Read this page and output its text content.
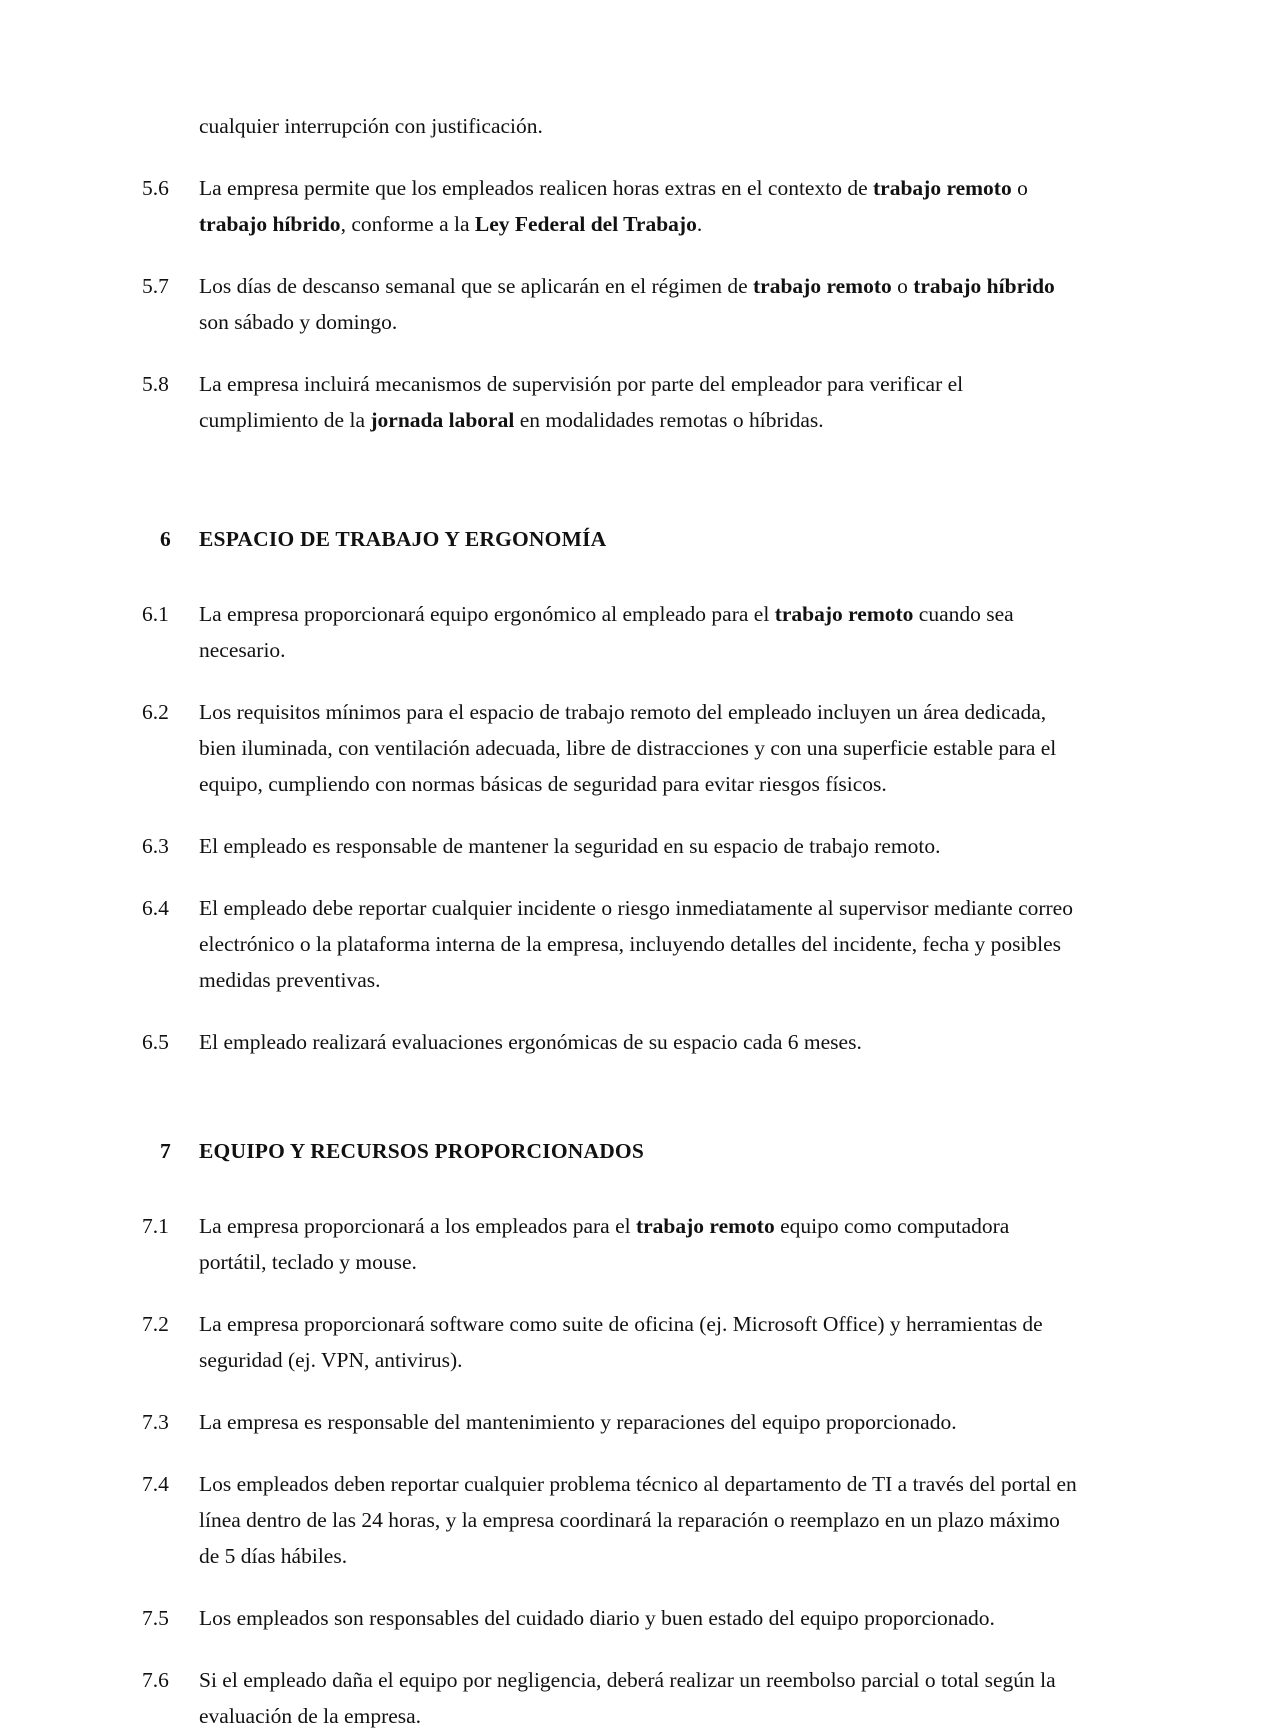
cualquier interrupción con justificación.

5.6	La empresa permite que los empleados realicen horas extras en el contexto de trabajo remoto o trabajo híbrido, conforme a la Ley Federal del Trabajo.
5.7	Los días de descanso semanal que se aplicarán en el régimen de trabajo remoto o trabajo híbrido son sábado y domingo.
5.8	La empresa incluirá mecanismos de supervisión por parte del empleador para verificar el cumplimiento de la jornada laboral en modalidades remotas o híbridas.
6	ESPACIO DE TRABAJO Y ERGONOMÍA
6.1	La empresa proporcionará equipo ergonómico al empleado para el trabajo remoto cuando sea necesario.
6.2	Los requisitos mínimos para el espacio de trabajo remoto del empleado incluyen un área dedicada, bien iluminada, con ventilación adecuada, libre de distracciones y con una superficie estable para el equipo, cumpliendo con normas básicas de seguridad para evitar riesgos físicos.
6.3	El empleado es responsable de mantener la seguridad en su espacio de trabajo remoto.
6.4	El empleado debe reportar cualquier incidente o riesgo inmediatamente al supervisor mediante correo electrónico o la plataforma interna de la empresa, incluyendo detalles del incidente, fecha y posibles medidas preventivas.
6.5	El empleado realizará evaluaciones ergonómicas de su espacio cada 6 meses.
7	EQUIPO Y RECURSOS PROPORCIONADOS
7.1	La empresa proporcionará a los empleados para el trabajo remoto equipo como computadora portátil, teclado y mouse.
7.2	La empresa proporcionará software como suite de oficina (ej. Microsoft Office) y herramientas de seguridad (ej. VPN, antivirus).
7.3	La empresa es responsable del mantenimiento y reparaciones del equipo proporcionado.
7.4	Los empleados deben reportar cualquier problema técnico al departamento de TI a través del portal en línea dentro de las 24 horas, y la empresa coordinará la reparación o reemplazo en un plazo máximo de 5 días hábiles.
7.5	Los empleados son responsables del cuidado diario y buen estado del equipo proporcionado.
7.6	Si el empleado daña el equipo por negligencia, deberá realizar un reembolso parcial o total según la evaluación de la empresa.
